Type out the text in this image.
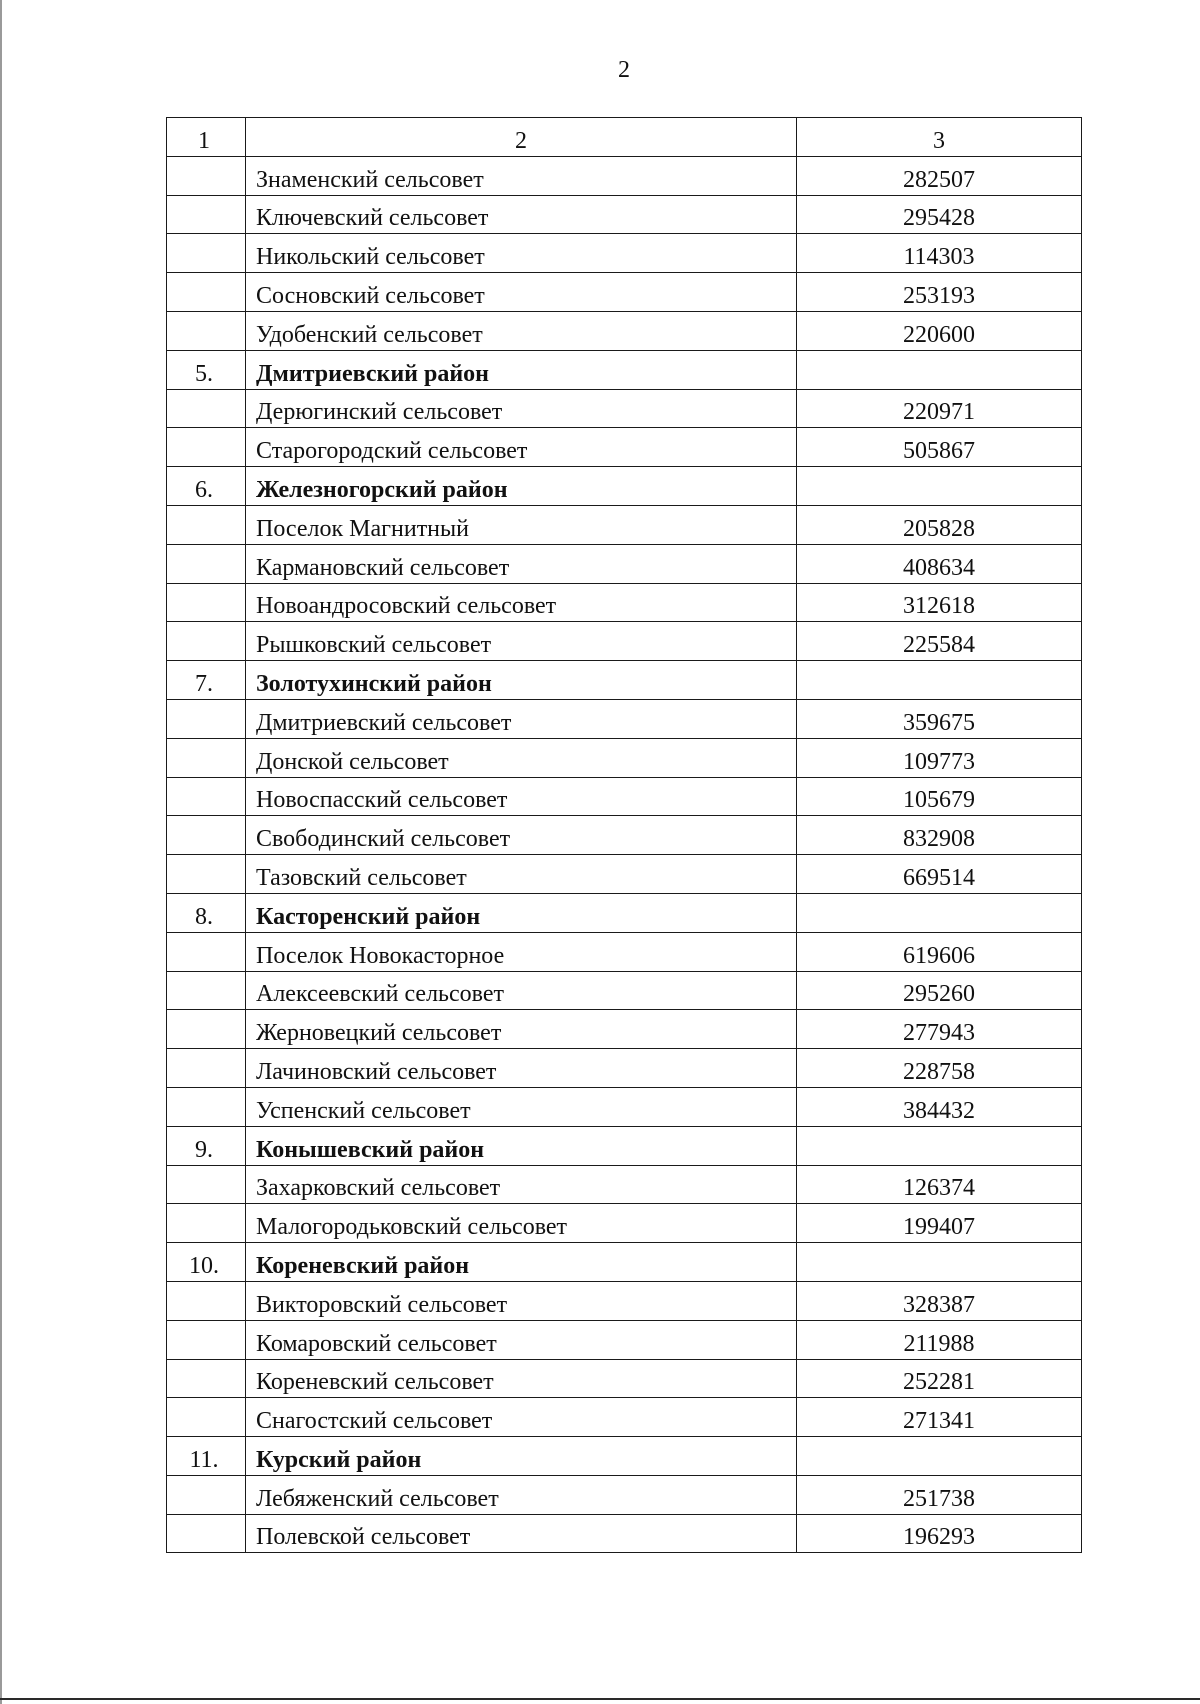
2
1	2	3
	Знаменский сельсовет	282507
	Ключевский сельсовет	295428
	Никольский сельсовет	114303
	Сосновский сельсовет	253193
	Удобенский сельсовет	220600
5.	Дмитриевский район	
	Дерюгинский сельсовет	220971
	Старогородский сельсовет	505867
6.	Железногорский район	
	Поселок Магнитный	205828
	Кармановский сельсовет	408634
	Новоандросовский сельсовет	312618
	Рышковский сельсовет	225584
7.	Золотухинский район	
	Дмитриевский сельсовет	359675
	Донской сельсовет	109773
	Новоспасский сельсовет	105679
	Свободинский сельсовет	832908
	Тазовский сельсовет	669514
8.	Касторенский район	
	Поселок Новокасторное	619606
	Алексеевский сельсовет	295260
	Жерновецкий сельсовет	277943
	Лачиновский сельсовет	228758
	Успенский сельсовет	384432
9.	Конышевский район	
	Захарковский сельсовет	126374
	Малогородьковский сельсовет	199407
10.	Кореневский район	
	Викторовский сельсовет	328387
	Комаровский сельсовет	211988
	Кореневский сельсовет	252281
	Снагостский сельсовет	271341
11.	Курский район	
	Лебяженский сельсовет	251738
	Полевской сельсовет	196293
